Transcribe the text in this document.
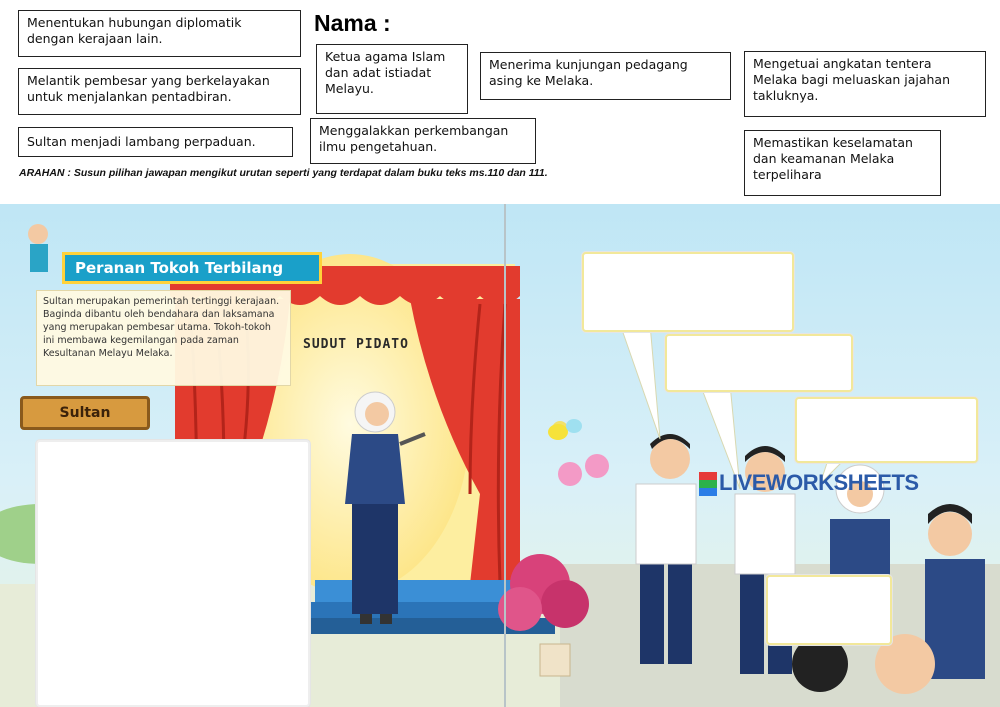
Nama :
Menentukan hubungan diplomatik dengan kerajaan lain.
Melantik pembesar yang berkelayakan untuk menjalankan pentadbiran.
Sultan menjadi lambang perpaduan.
Ketua agama Islam dan adat istiadat Melayu.
Menggalakkan perkembangan ilmu pengetahuan.
Menerima kunjungan pedagang asing ke Melaka.
Mengetuai angkatan tentera Melaka bagi meluaskan jajahan takluknya.
Memastikan keselamatan dan keamanan Melaka terpelihara
ARAHAN : Susun pilihan jawapan mengikut urutan seperti yang terdapat dalam buku teks ms.110 dan 111.
Peranan Tokoh Terbilang
Sultan merupakan pemerintah tertinggi kerajaan. Baginda dibantu oleh bendahara dan laksamana yang merupakan pembesar utama. Tokoh-tokoh ini membawa kegemilangan pada zaman Kesultanan Melayu Melaka.
Sultan
SUDUT PIDATO
LIVEWORKSHEETS
